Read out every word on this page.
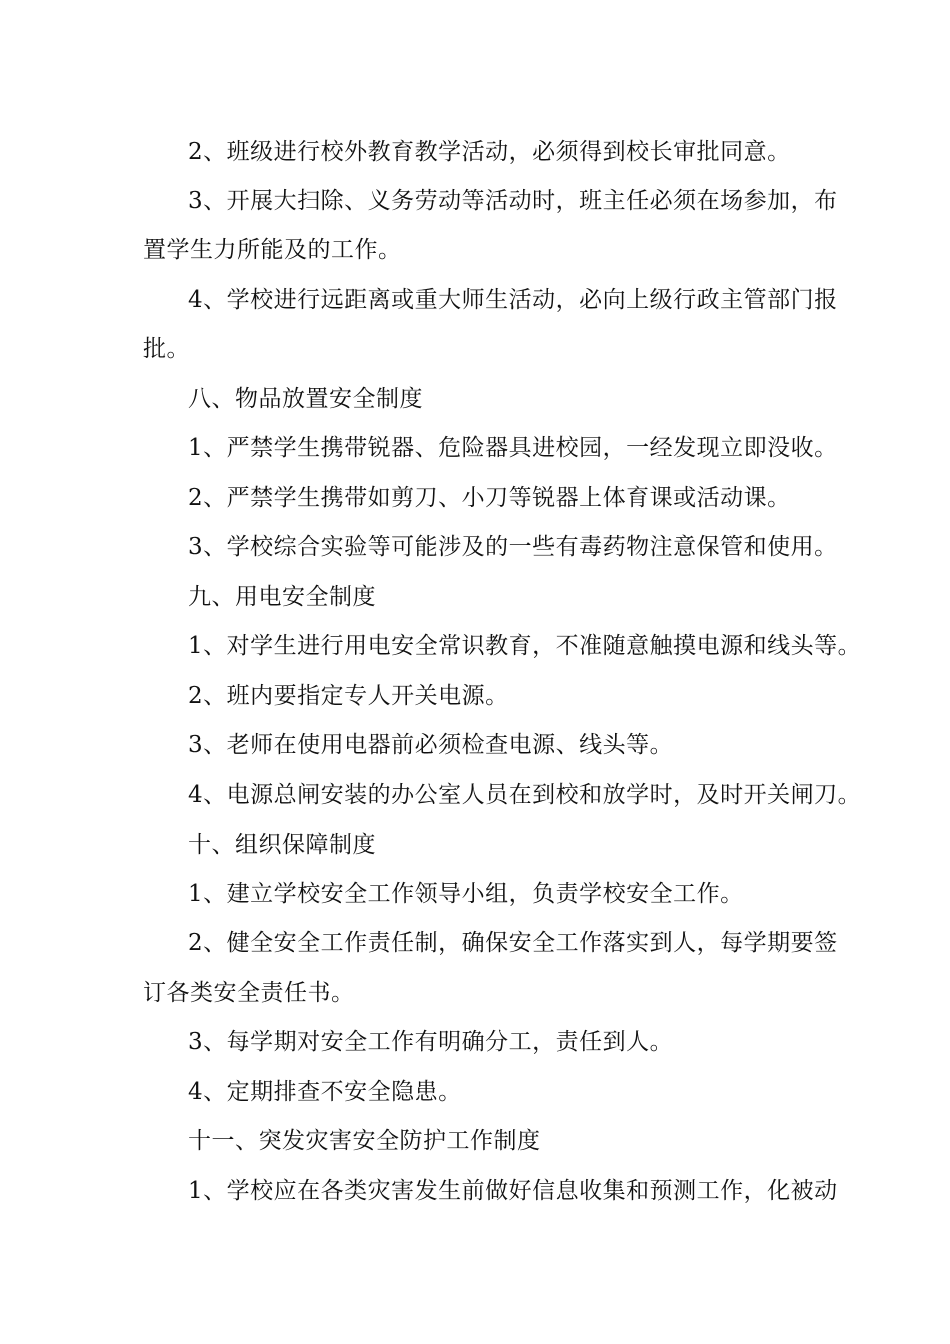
2、班级进行校外教育教学活动，必须得到校长审批同意。
3、开展大扫除、义务劳动等活动时，班主任必须在场参加，布
置学生力所能及的工作。
4、学校进行远距离或重大师生活动，必向上级行政主管部门报
批。
八、物品放置安全制度
1、严禁学生携带锐器、危险器具进校园，一经发现立即没收。
2、严禁学生携带如剪刀、小刀等锐器上体育课或活动课。
3、学校综合实验等可能涉及的一些有毒药物注意保管和使用。
九、用电安全制度
1、对学生进行用电安全常识教育，不准随意触摸电源和线头等。
2、班内要指定专人开关电源。
3、老师在使用电器前必须检查电源、线头等。
4、电源总闸安装的办公室人员在到校和放学时，及时开关闸刀。
十、组织保障制度
1、建立学校安全工作领导小组，负责学校安全工作。
2、健全安全工作责任制，确保安全工作落实到人，每学期要签
订各类安全责任书。
3、每学期对安全工作有明确分工，责任到人。
4、定期排查不安全隐患。
十一、突发灾害安全防护工作制度
1、学校应在各类灾害发生前做好信息收集和预测工作，化被动
